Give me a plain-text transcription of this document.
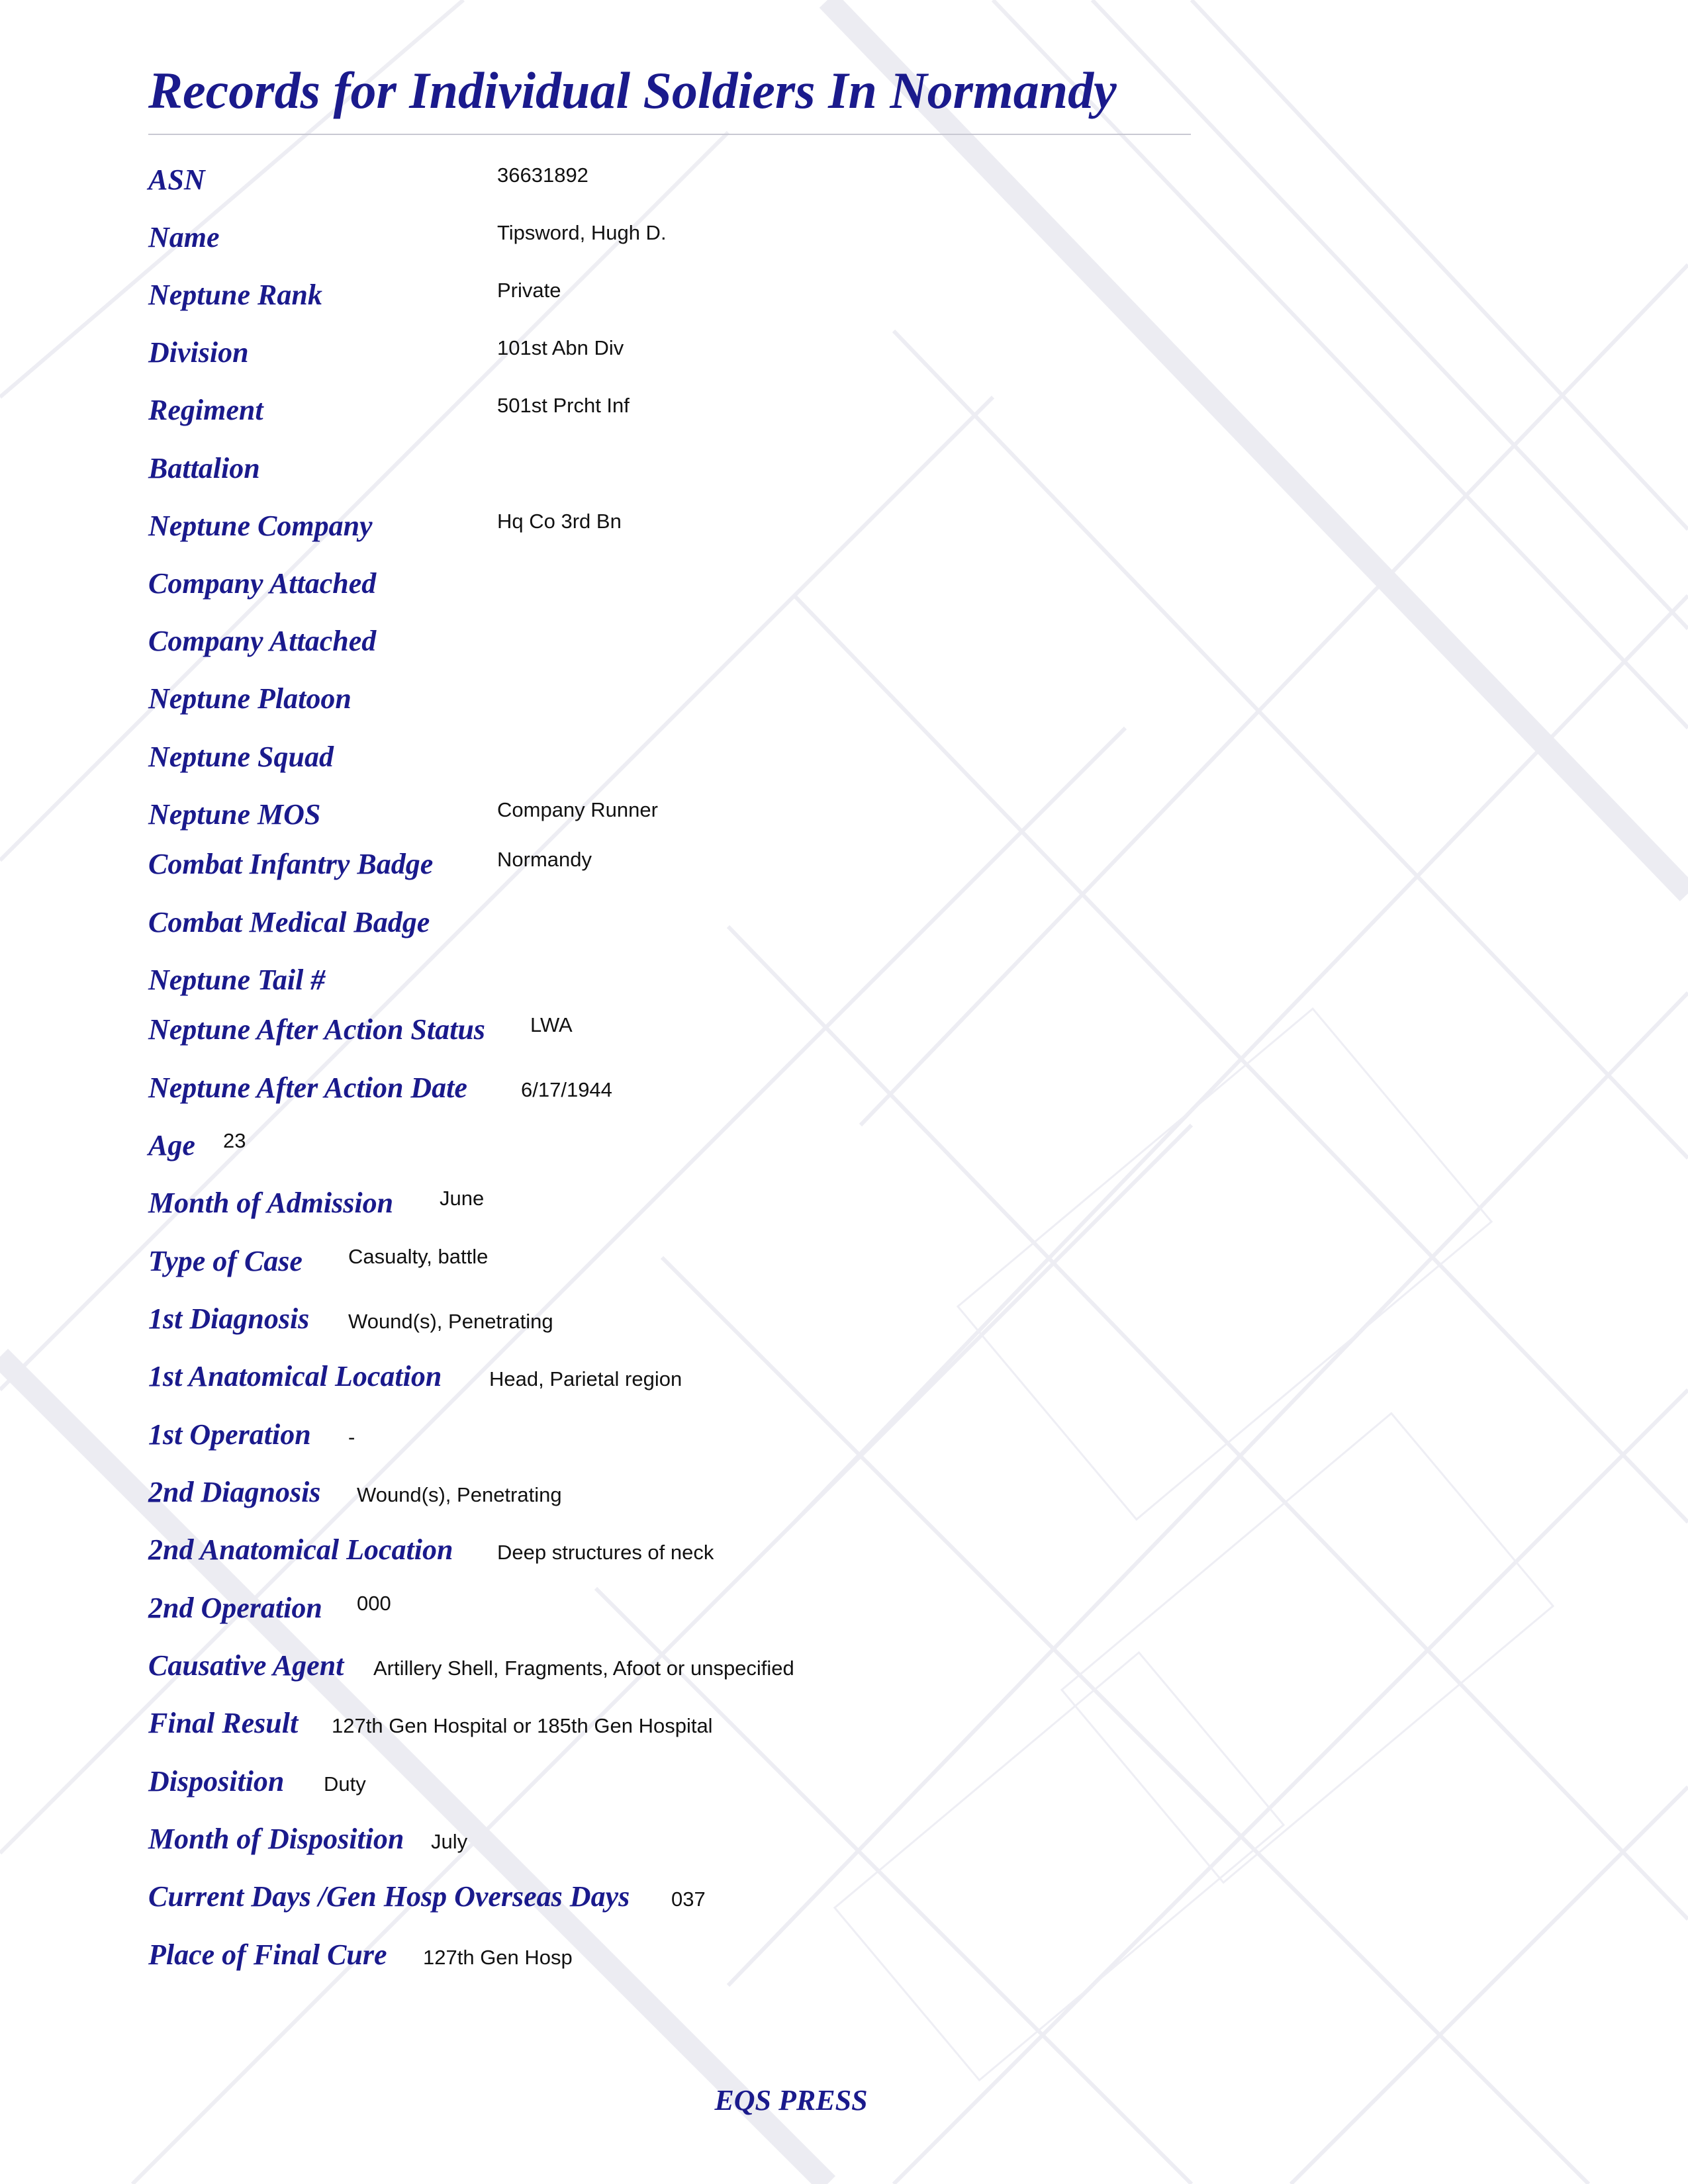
Records for Individual Soldiers In Normandy
ASN
Name
Neptune Rank
Division
Regiment
Battalion
Neptune Company
Company Attached
Company Attached
Neptune Platoon
Neptune Squad
Neptune MOS
Combat Infantry Badge
Combat Medical Badge
Neptune Tail #
Neptune After Action Status
Neptune After Action Date
Age
Month of Admission
Type of Case
1st Diagnosis
1st Anatomical Location
1st Operation
2nd Diagnosis
2nd Anatomical Location
2nd Operation
Causative Agent
Final Result
Disposition
Month of Disposition
Current Days /Gen Hosp Overseas Days
Place of Final Cure
36631892
Tipsword, Hugh D.
Private
101st Abn Div
501st Prcht Inf
Hq Co 3rd Bn
Company Runner
Normandy
LWA
6/17/1944
23
June
Casualty, battle
Wound(s), Penetrating
Head, Parietal region
-
Wound(s), Penetrating
Deep structures of neck
000
Artillery Shell, Fragments, Afoot or unspecified
127th Gen Hospital or 185th Gen Hospital
Duty
July
037
127th Gen Hosp
EQS PRESS
